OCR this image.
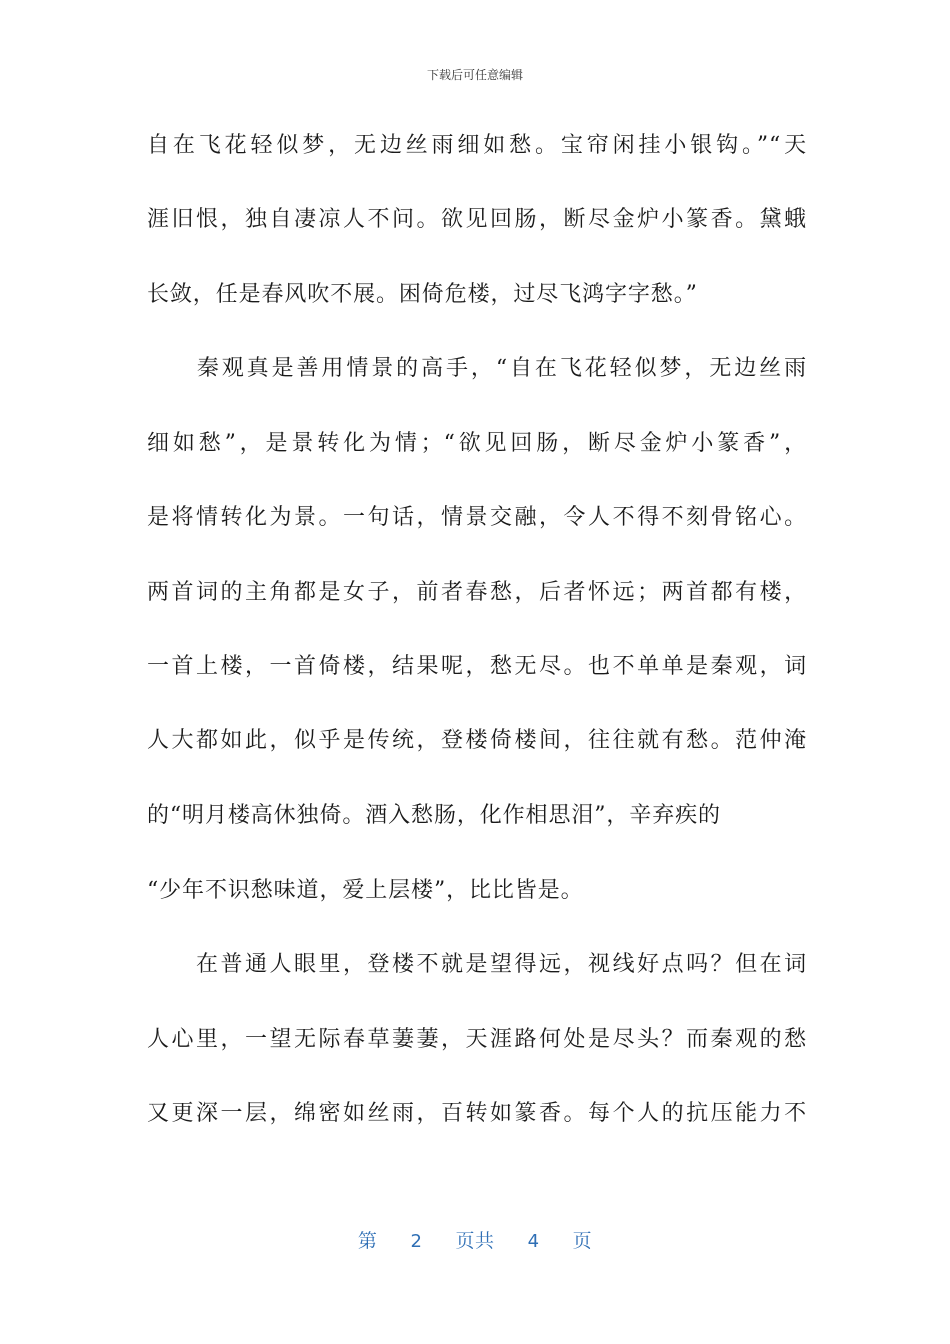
下载后可任意编辑
自在飞花轻似梦，无边丝雨细如愁。宝帘闲挂小银钩。”“天
涯旧恨，独自凄凉人不问。欲见回肠，断尽金炉小篆香。黛蛾
长敛，任是春风吹不展。困倚危楼，过尽飞鸿字字愁。”
　　秦观真是善用情景的高手，“自在飞花轻似梦，无边丝雨
细如愁”，是景转化为情；“欲见回肠，断尽金炉小篆香”，
是将情转化为景。一句话，情景交融，令人不得不刻骨铭心。
两首词的主角都是女子，前者春愁，后者怀远；两首都有楼，
一首上楼，一首倚楼，结果呢，愁无尽。也不单单是秦观，词
人大都如此，似乎是传统，登楼倚楼间，往往就有愁。范仲淹
的“明月楼高休独倚。酒入愁肠，化作相思泪”，辛弃疾的
“少年不识愁味道，爱上层楼”，比比皆是。
　　在普通人眼里，登楼不就是望得远，视线好点吗？但在词
人心里，一望无际春草萋萋，天涯路何处是尽头？而秦观的愁
又更深一层，绵密如丝雨，百转如篆香。每个人的抗压能力不
第 2 页共 4 页
